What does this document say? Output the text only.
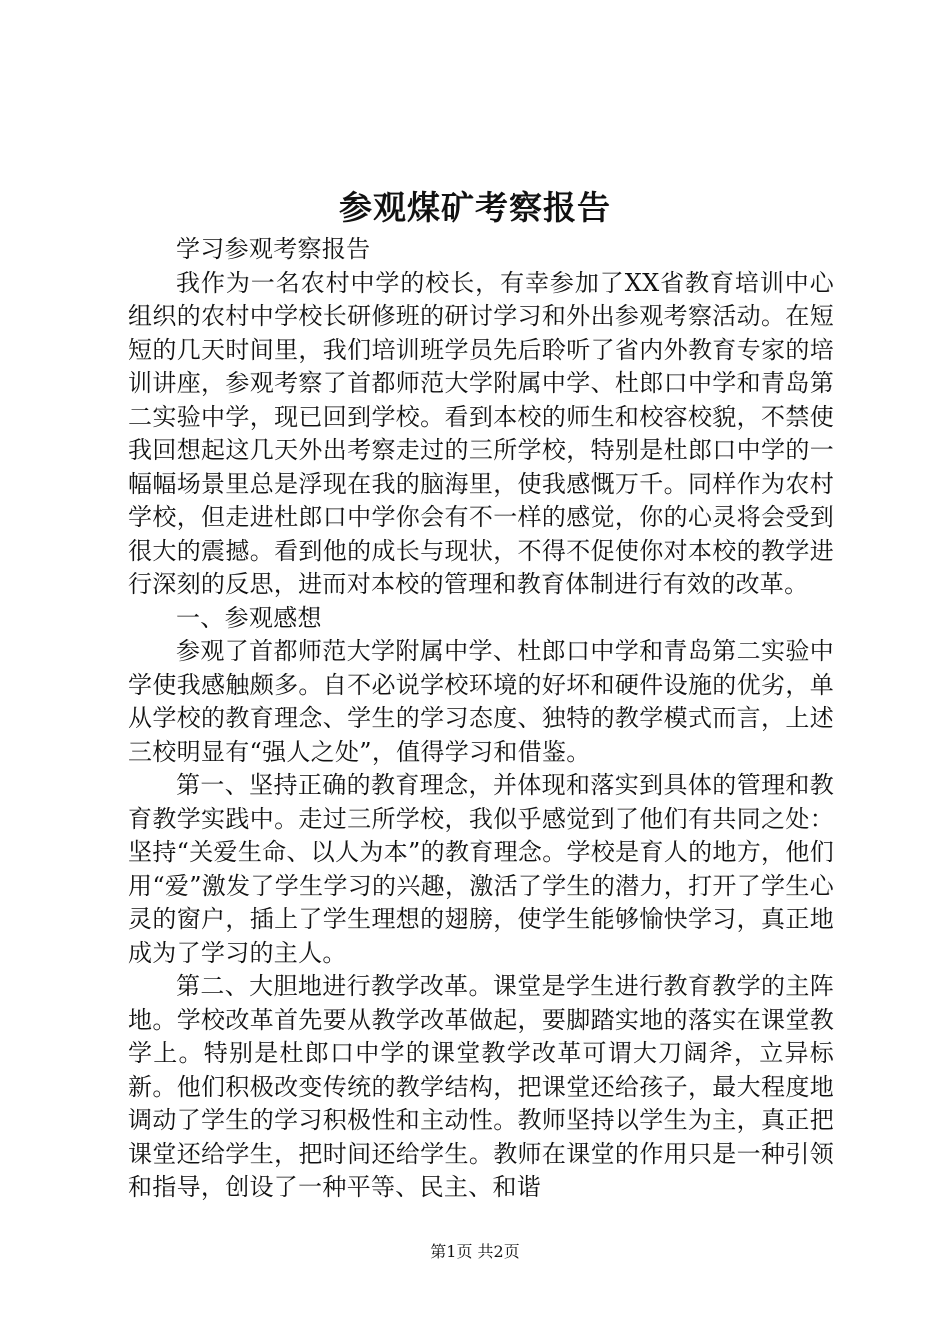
参观煤矿考察报告

学习参观考察报告

我作为一名农村中学的校长，有幸参加了XX省教育培训中心组织的农村中学校长研修班的研讨学习和外出参观考察活动。在短短的几天时间里，我们培训班学员先后聆听了省内外教育专家的培训讲座，参观考察了首都师范大学附属中学、杜郎口中学和青岛第二实验中学，现已回到学校。看到本校的师生和校容校貌，不禁使我回想起这几天外出考察走过的三所学校，特别是杜郎口中学的一幅幅场景里总是浮现在我的脑海里，使我感慨万千。同样作为农村学校，但走进杜郎口中学你会有不一样的感觉，你的心灵将会受到很大的震撼。看到他的成长与现状，不得不促使你对本校的教学进行深刻的反思，进而对本校的管理和教育体制进行有效的改革。

一、参观感想

参观了首都师范大学附属中学、杜郎口中学和青岛第二实验中学使我感触颇多。自不必说学校环境的好坏和硬件设施的优劣，单从学校的教育理念、学生的学习态度、独特的教学模式而言，上述三校明显有“强人之处”，值得学习和借鉴。

第一、坚持正确的教育理念，并体现和落实到具体的管理和教育教学实践中。走过三所学校，我似乎感觉到了他们有共同之处：坚持“关爱生命、以人为本”的教育理念。学校是育人的地方，他们用“爱”激发了学生学习的兴趣，激活了学生的潜力，打开了学生心灵的窗户，插上了学生理想的翅膀，使学生能够愉快学习，真正地成为了学习的主人。

第二、大胆地进行教学改革。课堂是学生进行教育教学的主阵地。学校改革首先要从教学改革做起，要脚踏实地的落实在课堂教学上。特别是杜郎口中学的课堂教学改革可谓大刀阔斧，立异标新。他们积极改变传统的教学结构，把课堂还给孩子，最大程度地调动了学生的学习积极性和主动性。教师坚持以学生为主，真正把课堂还给学生，把时间还给学生。教师在课堂的作用只是一种引领和指导，创设了一种平等、民主、和谐

第1页 共2页
